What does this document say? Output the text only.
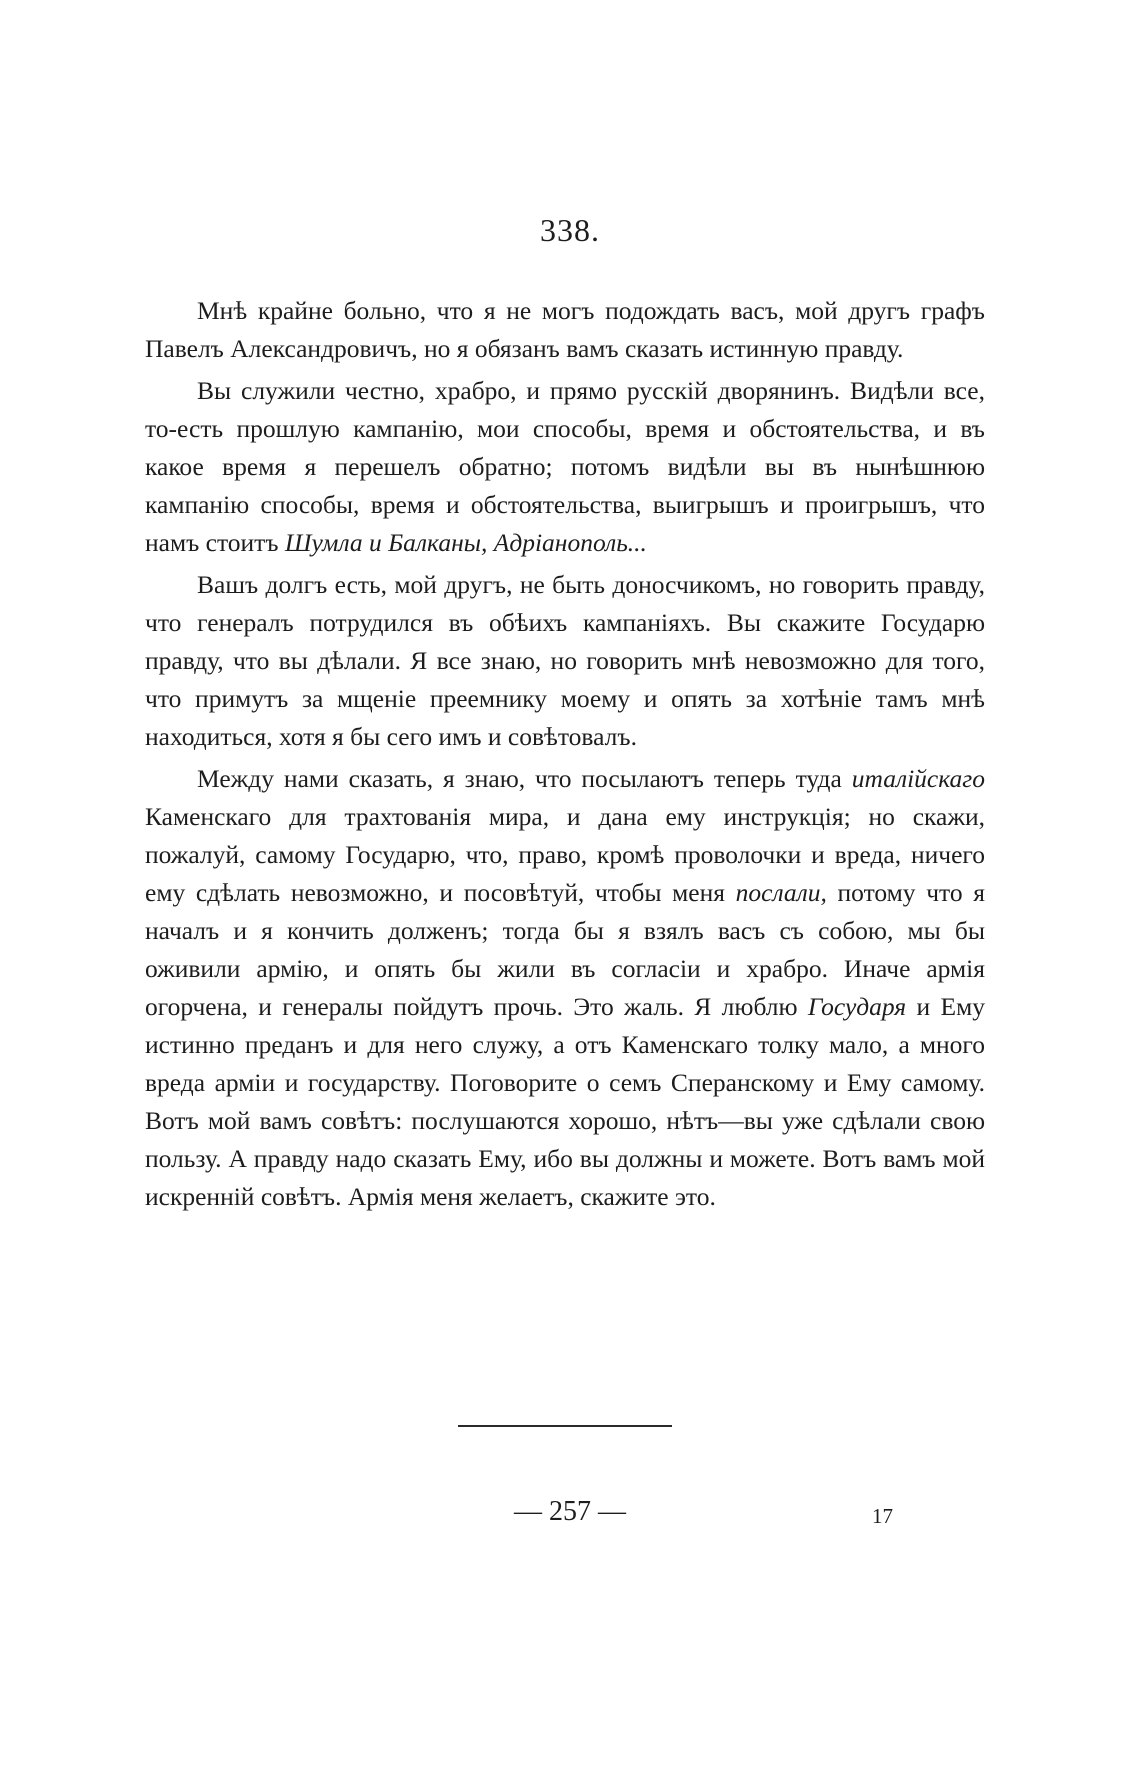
338.

Мнѣ крайне больно, что я не могъ подождать васъ, мой другъ графъ Павелъ Александровичъ, но я обязанъ вамъ сказать истинную правду.

Вы служили честно, храбро, и прямо русскій дворянинъ. Видѣли все, то-есть прошлую кампанію, мои способы, время и обстоятельства, и въ какое время я перешелъ обратно; потомъ видѣли вы въ нынѣшнюю кампанію способы, время и обстоятельства, выигрышъ и проигрышъ, что намъ стоитъ Шумла и Балканы, Адріанополь...

Вашъ долгъ есть, мой другъ, не быть доносчикомъ, но говорить правду, что генералъ потрудился въ обѣихъ кампаніяхъ. Вы скажите Государю правду, что вы дѣлали. Я все знаю, но говорить мнѣ невозможно для того, что примутъ за мщеніе преемнику моему и опять за хотѣніе тамъ мнѣ находиться, хотя я бы сего имъ и совѣтовалъ.

Между нами сказать, я знаю, что посылаютъ теперь туда италійскаго Каменскаго для трахтованія мира, и дана ему инструкція; но скажи, пожалуй, самому Государю, что, право, кромѣ проволочки и вреда, ничего ему сдѣлать невозможно, и посовѣтуй, чтобы меня послали, потому что я началъ и я кончить долженъ; тогда бы я взялъ васъ съ собою, мы бы оживили армію, и опять бы жили въ согласіи и храбро. Иначе армія огорчена, и генералы пойдутъ прочь. Это жаль. Я люблю Государя и Ему истинно преданъ и для него служу, а отъ Каменскаго толку мало, а много вреда арміи и государству. Поговорите о семъ Сперанскому и Ему самому. Вотъ мой вамъ совѣтъ: послушаются хорошо, нѣтъ—вы уже сдѣлали свою пользу. А правду надо сказать Ему, ибо вы должны и можете. Вотъ вамъ мой искренній совѣтъ. Армія меня желаетъ, скажите это.

— 257 —	17
